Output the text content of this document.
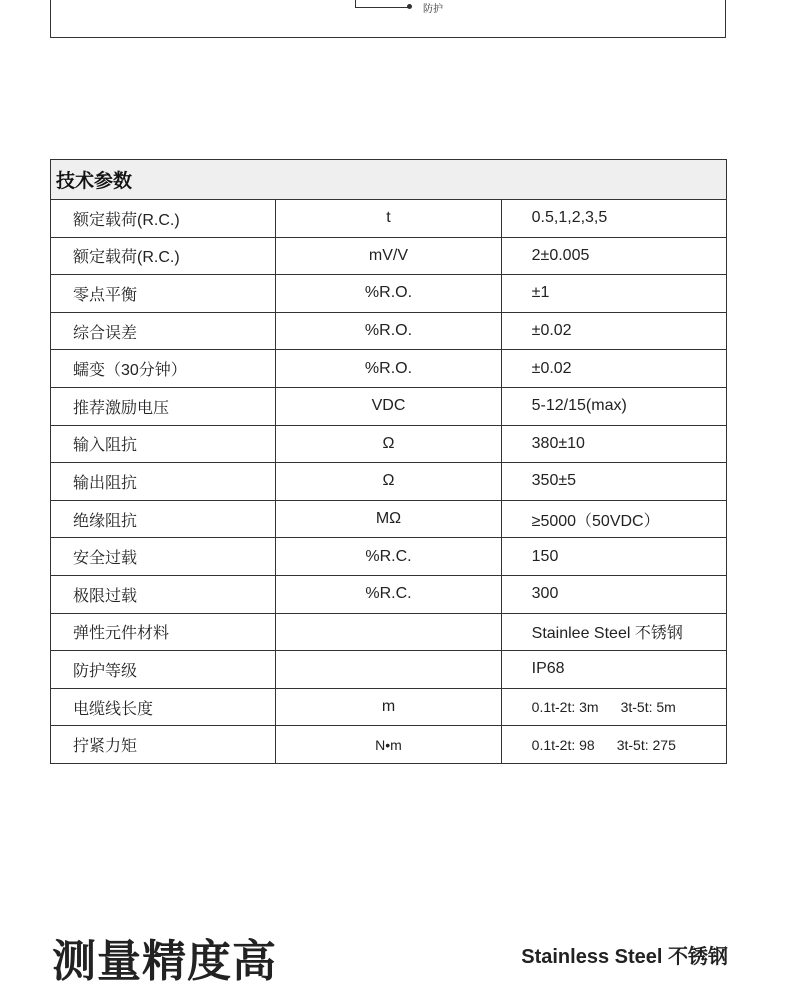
防护
技术参数		
额定载荷(R.C.)	t	0.5,1,2,3,5
额定载荷(R.C.)	mV/V	2±0.005
零点平衡	%R.O.	±1
综合误差	%R.O.	±0.02
蠕变（30分钟）	%R.O.	±0.02
推荐激励电压	VDC	5-12/15(max)
输入阻抗	Ω	380±10
输出阻抗	Ω	350±5
绝缘阻抗	MΩ	≥5000（50VDC）
安全过载	%R.C.	150
极限过载	%R.C.	300
弹性元件材料		Stainlee Steel 不锈钢
防护等级		IP68
电缆线长度	m	0.1t-2t: 3m 3t-5t: 5m
拧紧力矩	N•m	0.1t-2t: 98 3t-5t: 275
测量精度高	Stainless Steel 不锈钢
